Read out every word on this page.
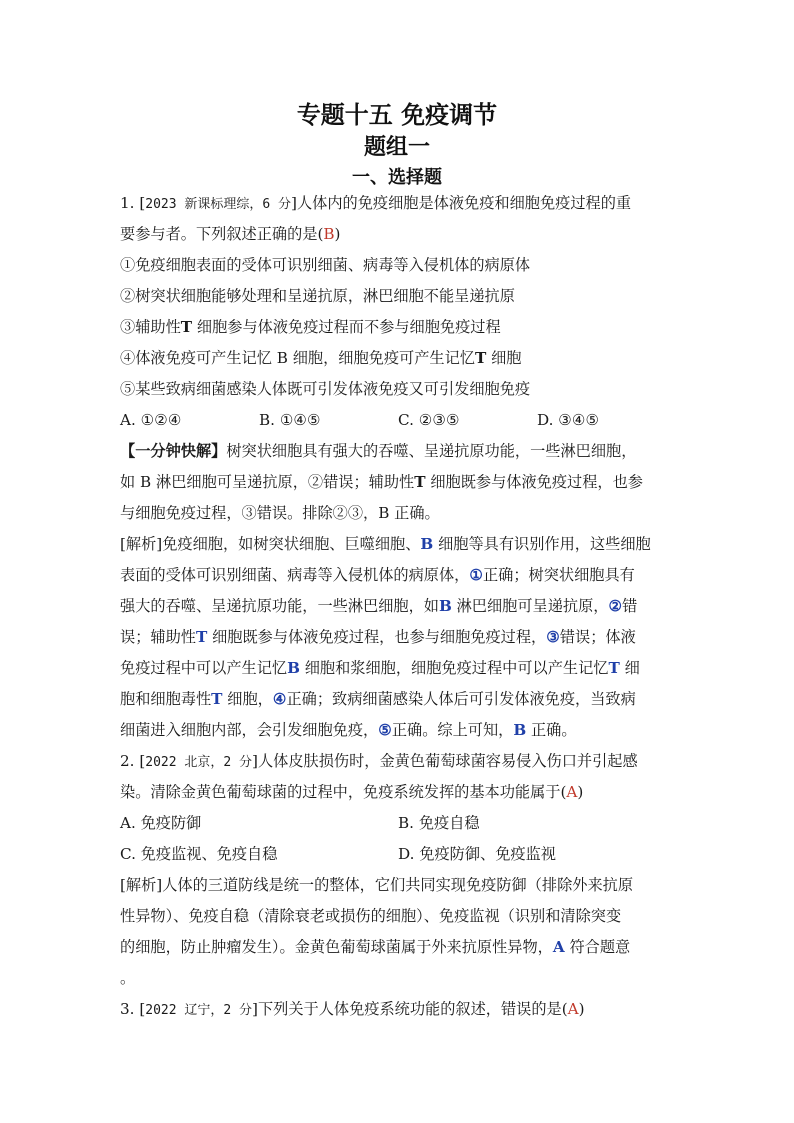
专题十五 免疫调节
题组一
一、选择题
1. [2023 新课标理综，6 分]人体内的免疫细胞是体液免疫和细胞免疫过程的重
要参与者。下列叙述正确的是(B)
①免疫细胞表面的受体可识别细菌、病毒等入侵机体的病原体
②树突状细胞能够处理和呈递抗原，淋巴细胞不能呈递抗原
③辅助性T 细胞参与体液免疫过程而不参与细胞免疫过程
④体液免疫可产生记忆 B 细胞，细胞免疫可产生记忆T 细胞
⑤某些致病细菌感染人体既可引发体液免疫又可引发细胞免疫
A. ①②④	B. ①④⑤	C. ②③⑤	D. ③④⑤
【一分钟快解】树突状细胞具有强大的吞噬、呈递抗原功能，一些淋巴细胞，
如 B 淋巴细胞可呈递抗原，②错误；辅助性T 细胞既参与体液免疫过程，也参
与细胞免疫过程，③错误。排除②③，B 正确。
[解析]免疫细胞，如树突状细胞、巨噬细胞、B 细胞等具有识别作用，这些细胞
表面的受体可识别细菌、病毒等入侵机体的病原体，①正确；树突状细胞具有
强大的吞噬、呈递抗原功能，一些淋巴细胞，如B 淋巴细胞可呈递抗原，②错
误；辅助性T 细胞既参与体液免疫过程，也参与细胞免疫过程，③错误；体液
免疫过程中可以产生记忆B 细胞和浆细胞，细胞免疫过程中可以产生记忆T 细
胞和细胞毒性T 细胞，④正确；致病细菌感染人体后可引发体液免疫，当致病
细菌进入细胞内部，会引发细胞免疫，⑤正确。综上可知，B 正确。
2. [2022 北京，2 分]人体皮肤损伤时，金黄色葡萄球菌容易侵入伤口并引起感
染。清除金黄色葡萄球菌的过程中，免疫系统发挥的基本功能属于(A)
A. 免疫防御	B. 免疫自稳
C. 免疫监视、免疫自稳	D. 免疫防御、免疫监视
[解析]人体的三道防线是统一的整体，它们共同实现免疫防御（排除外来抗原
性异物）、免疫自稳（清除衰老或损伤的细胞）、免疫监视（识别和清除突变
的细胞，防止肿瘤发生）。金黄色葡萄球菌属于外来抗原性异物，A 符合题意
。
3. [2022 辽宁，2 分]下列关于人体免疫系统功能的叙述，错误的是(A)
